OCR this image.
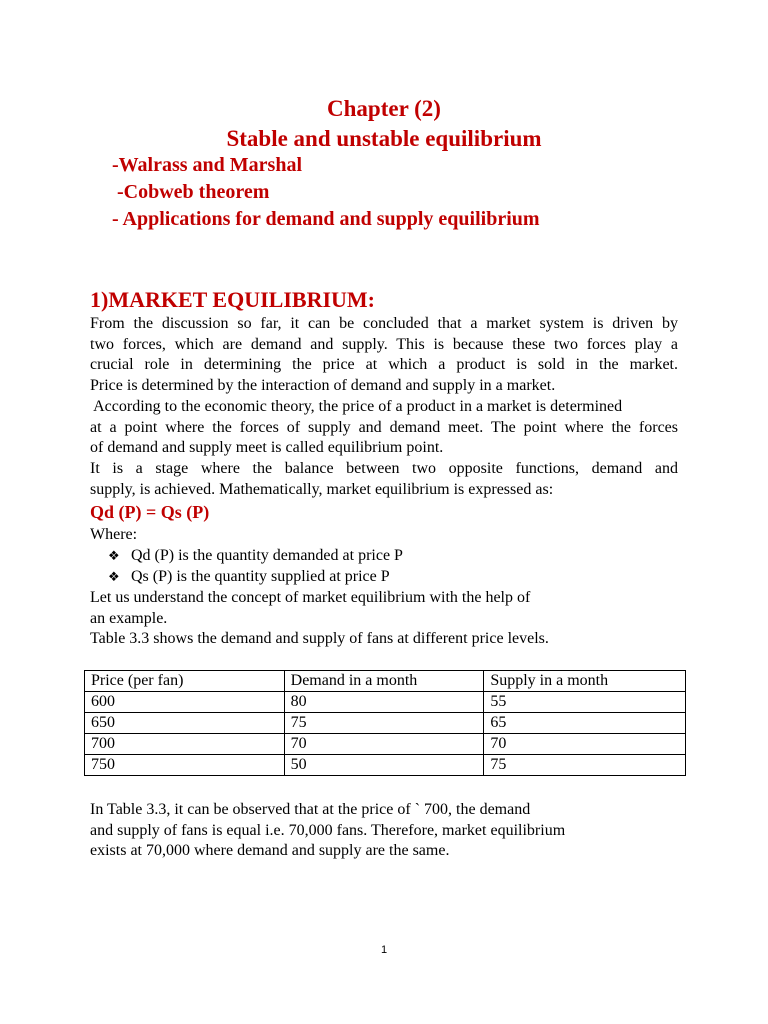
Chapter (2)
Stable and unstable equilibrium
-Walrass and Marshal
-Cobweb theorem
- Applications for demand and supply equilibrium
1)MARKET EQUILIBRIUM:
From the discussion so far, it can be concluded that a market system is driven by
two forces, which are demand and supply. This is because these two forces play a
crucial role in determining the price at which a product is sold in the market.
Price is determined by the interaction of demand and supply in a market.
According to the economic theory, the price of a product in a market is determined
at a point where the forces of supply and demand meet. The point where the forces
of demand and supply meet is called equilibrium point.
It is a stage where the balance between two opposite functions, demand and
supply, is achieved. Mathematically, market equilibrium is expressed as:
Qd (P) = Qs (P)
Where:
❖ Qd (P) is the quantity demanded at price P
❖ Qs (P) is the quantity supplied at price P
Let us understand the concept of market equilibrium with the help of
an example.
Table 3.3 shows the demand and supply of fans at different price levels.
Price (per fan)	Demand in a month	Supply in a month
600	80	55
650	75	65
700	70	70
750	50	75
In Table 3.3, it can be observed that at the price of ` 700, the demand
and supply of fans is equal i.e. 70,000 fans. Therefore, market equilibrium
exists at 70,000 where demand and supply are the same.
1
